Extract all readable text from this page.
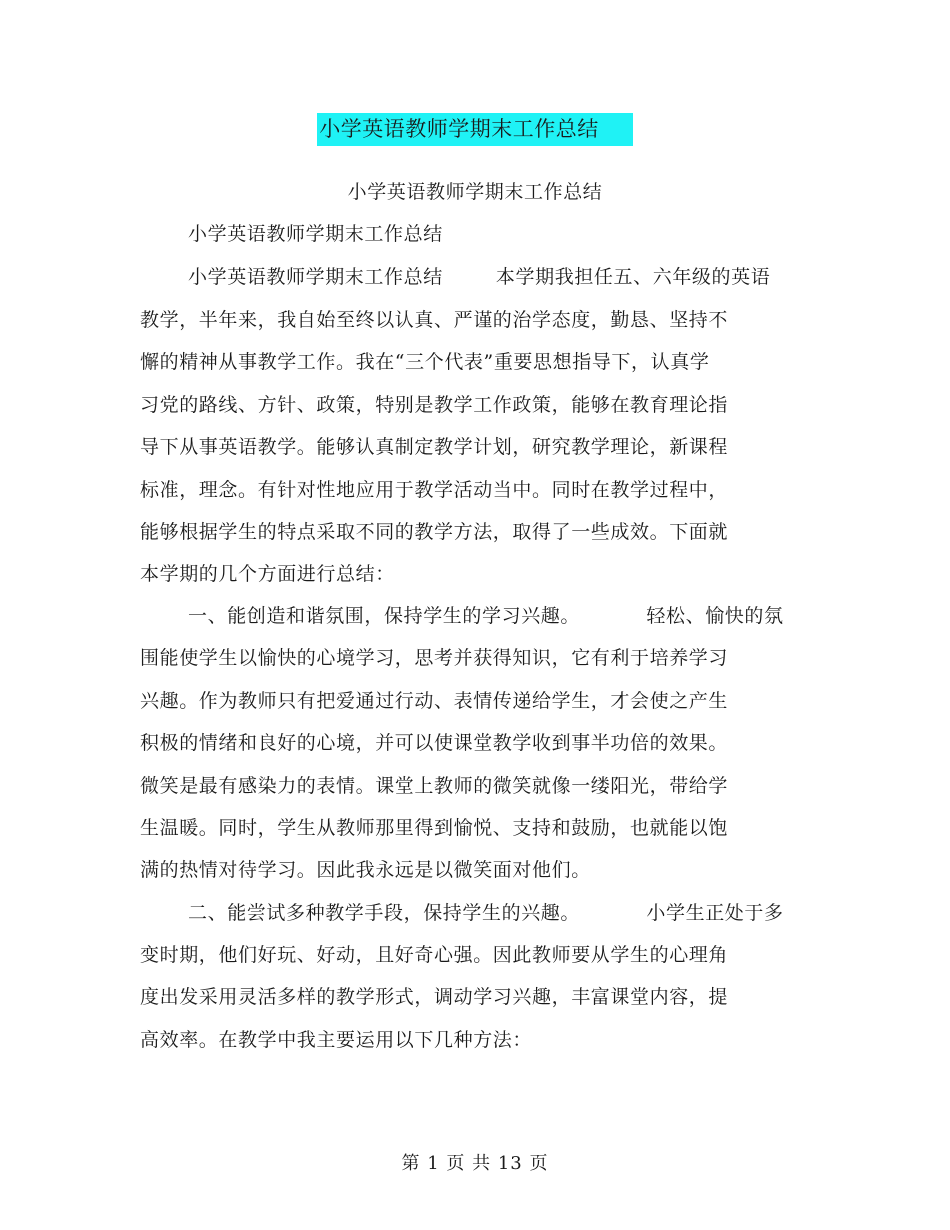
小学英语教师学期末工作总结
小学英语教师学期末工作总结
小学英语教师学期末工作总结
小学英语教师学期末工作总结        本学期我担任五、六年级的英语
教学，半年来，我自始至终以认真、严谨的治学态度，勤恳、坚持不
懈的精神从事教学工作。我在“三个代表”重要思想指导下，认真学
习党的路线、方针、政策，特别是教学工作政策，能够在教育理论指
导下从事英语教学。能够认真制定教学计划，研究教学理论，新课程
标准，理念。有针对性地应用于教学活动当中。同时在教学过程中，
能够根据学生的特点采取不同的教学方法，取得了一些成效。下面就
本学期的几个方面进行总结：
一、能创造和谐氛围，保持学生的学习兴趣。          轻松、愉快的氛
围能使学生以愉快的心境学习，思考并获得知识，它有利于培养学习
兴趣。作为教师只有把爱通过行动、表情传递给学生，才会使之产生
积极的情绪和良好的心境，并可以使课堂教学收到事半功倍的效果。
微笑是最有感染力的表情。课堂上教师的微笑就像一缕阳光，带给学
生温暖。同时，学生从教师那里得到愉悦、支持和鼓励，也就能以饱
满的热情对待学习。因此我永远是以微笑面对他们。
二、能尝试多种教学手段，保持学生的兴趣。          小学生正处于多
变时期，他们好玩、好动，且好奇心强。因此教师要从学生的心理角
度出发采用灵活多样的教学形式，调动学习兴趣，丰富课堂内容，提
高效率。在教学中我主要运用以下几种方法：
第 1 页 共 13 页
